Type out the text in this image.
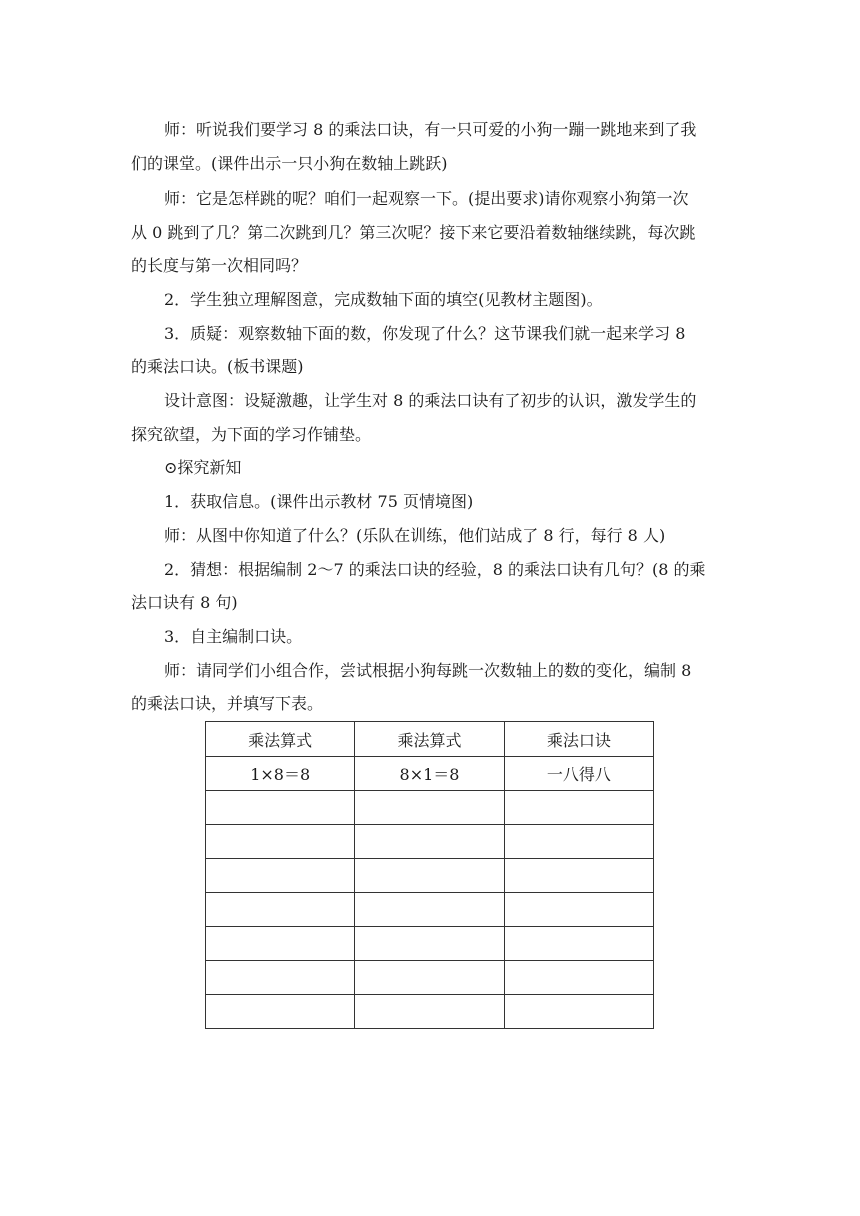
师：听说我们要学习 8 的乘法口诀，有一只可爱的小狗一蹦一跳地来到了我
们的课堂。(课件出示一只小狗在数轴上跳跃)
师：它是怎样跳的呢？咱们一起观察一下。(提出要求)请你观察小狗第一次
从 0 跳到了几？第二次跳到几？第三次呢？接下来它要沿着数轴继续跳，每次跳
的长度与第一次相同吗？
2．学生独立理解图意，完成数轴下面的填空(见教材主题图)。
3．质疑：观察数轴下面的数，你发现了什么？这节课我们就一起来学习 8
的乘法口诀。(板书课题)
设计意图：设疑激趣，让学生对 8 的乘法口诀有了初步的认识，激发学生的
探究欲望，为下面的学习作铺垫。
⊙探究新知
1．获取信息。(课件出示教材 75 页情境图)
师：从图中你知道了什么？(乐队在训练，他们站成了 8 行，每行 8 人)
2．猜想：根据编制 2～7 的乘法口诀的经验，8 的乘法口诀有几句？(8 的乘
法口诀有 8 句)
3．自主编制口诀。
师：请同学们小组合作，尝试根据小狗每跳一次数轴上的数的变化，编制 8
的乘法口诀，并填写下表。
乘法算式	乘法算式	乘法口诀
1×8＝8	8×1＝8	一八得八
